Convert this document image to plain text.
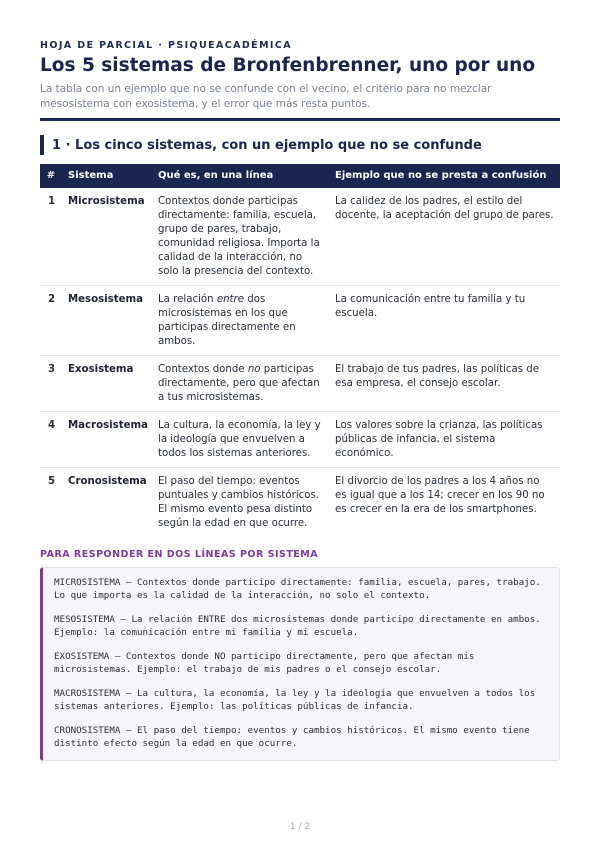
HOJA DE PARCIAL · PSIQUEACADÉMICA
Los 5 sistemas de Bronfenbrenner, uno por uno
La tabla con un ejemplo que no se confunde con el vecino, el criterio para no mezclar mesosistema con exosistema, y el error que más resta puntos.
1 · Los cinco sistemas, con un ejemplo que no se confunde
#	Sistema	Qué es, en una línea	Ejemplo que no se presta a confusión
1	Microsistema	Contextos donde participas directamente: familia, escuela, grupo de pares, trabajo, comunidad religiosa. Importa la calidad de la interacción, no solo la presencia del contexto.	La calidez de los padres, el estilo del docente, la aceptación del grupo de pares.
2	Mesosistema	La relación entre dos microsistemas en los que participas directamente en ambos.	La comunicación entre tu familia y tu escuela.
3	Exosistema	Contextos donde no participas directamente, pero que afectan a tus microsistemas.	El trabajo de tus padres, las políticas de esa empresa, el consejo escolar.
4	Macrosistema	La cultura, la economía, la ley y la ideología que envuelven a todos los sistemas anteriores.	Los valores sobre la crianza, las políticas públicas de infancia, el sistema económico.
5	Cronosistema	El paso del tiempo: eventos puntuales y cambios históricos. El mismo evento pesa distinto según la edad en que ocurre.	El divorcio de los padres a los 4 años no es igual que a los 14; crecer en los 90 no es crecer en la era de los smartphones.
PARA RESPONDER EN DOS LÍNEAS POR SISTEMA

MICROSISTEMA — Contextos donde participo directamente: familia, escuela, pares, trabajo. Lo que importa es la calidad de la interacción, no solo el contexto.

MESOSISTEMA — La relación ENTRE dos microsistemas donde participo directamente en ambos. Ejemplo: la comunicación entre mi familia y mi escuela.

EXOSISTEMA — Contextos donde NO participo directamente, pero que afectan mis microsistemas. Ejemplo: el trabajo de mis padres o el consejo escolar.

MACROSISTEMA — La cultura, la economía, la ley y la ideología que envuelven a todos los sistemas anteriores. Ejemplo: las políticas públicas de infancia.

CRONOSISTEMA — El paso del tiempo: eventos y cambios históricos. El mismo evento tiene distinto efecto según la edad en que ocurre.

1 / 2
